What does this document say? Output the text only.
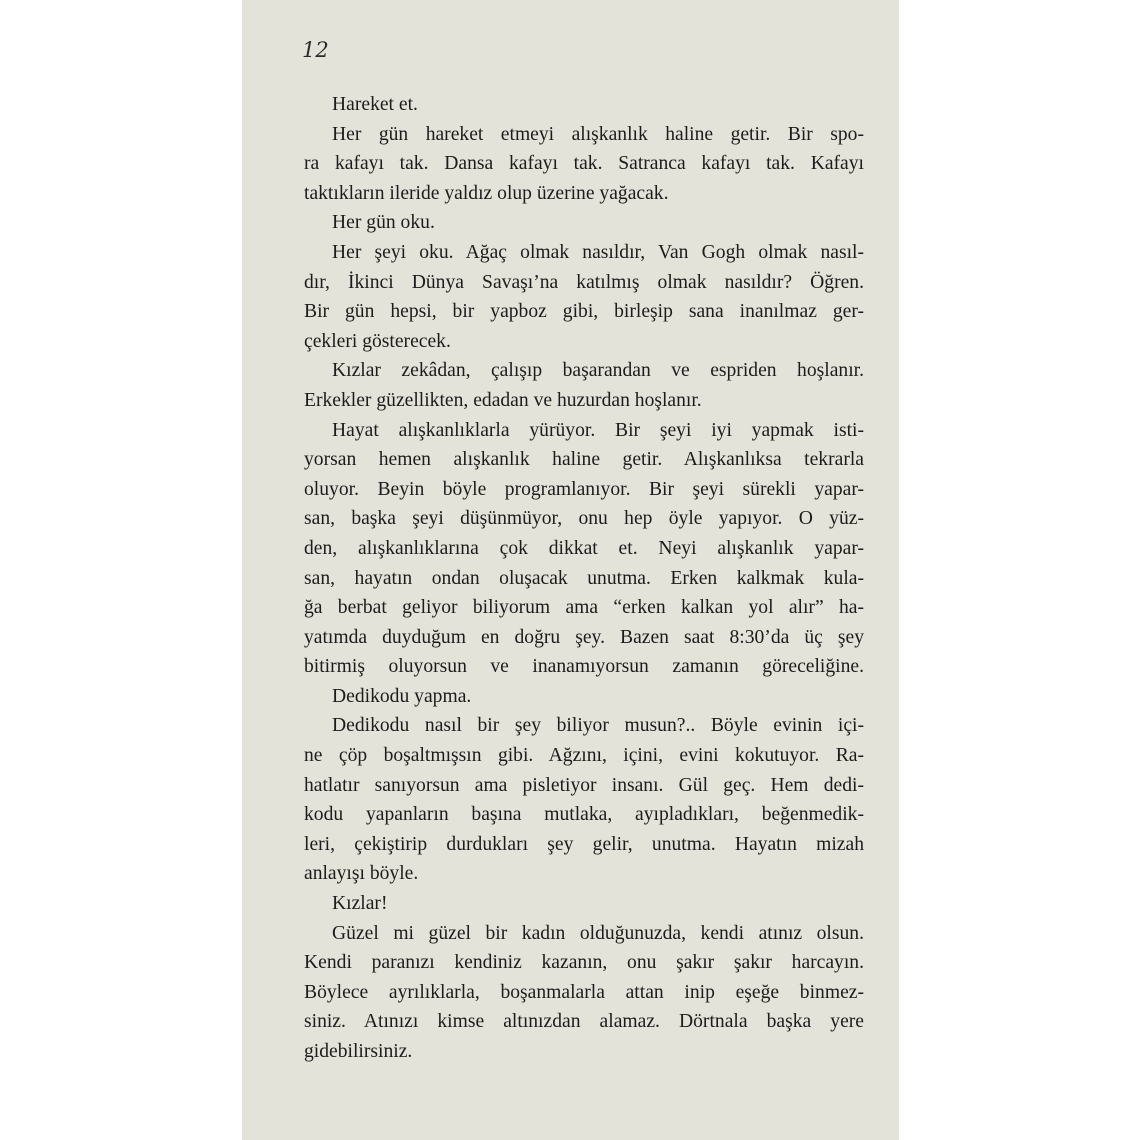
12
Hareket et.
Her gün hareket etmeyi alışkanlık haline getir. Bir spo-
ra kafayı tak. Dansa kafayı tak. Satranca kafayı tak. Kafayı
taktıkların ileride yaldız olup üzerine yağacak.
Her gün oku.
Her şeyi oku. Ağaç olmak nasıldır, Van Gogh olmak nasıl-
dır, İkinci Dünya Savaşı’na katılmış olmak nasıldır? Öğren.
Bir gün hepsi, bir yapboz gibi, birleşip sana inanılmaz ger-
çekleri gösterecek.
Kızlar zekâdan, çalışıp başarandan ve espriden hoşlanır.
Erkekler güzellikten, edadan ve huzurdan hoşlanır.
Hayat alışkanlıklarla yürüyor. Bir şeyi iyi yapmak isti-
yorsan hemen alışkanlık haline getir. Alışkanlıksa tekrarla
oluyor. Beyin böyle programlanıyor. Bir şeyi sürekli yapar-
san, başka şeyi düşünmüyor, onu hep öyle yapıyor. O yüz-
den, alışkanlıklarına çok dikkat et. Neyi alışkanlık yapar-
san, hayatın ondan oluşacak unutma. Erken kalkmak kula-
ğa berbat geliyor biliyorum ama “erken kalkan yol alır” ha-
yatımda duyduğum en doğru şey. Bazen saat 8:30’da üç şey
bitirmiş oluyorsun ve inanamıyorsun zamanın göreceliğine.
Dedikodu yapma.
Dedikodu nasıl bir şey biliyor musun?.. Böyle evinin içi-
ne çöp boşaltmışsın gibi. Ağzını, içini, evini kokutuyor. Ra-
hatlatır sanıyorsun ama pisletiyor insanı. Gül geç. Hem dedi-
kodu yapanların başına mutlaka, ayıpladıkları, beğenmedik-
leri, çekiştirip durdukları şey gelir, unutma. Hayatın mizah
anlayışı böyle.
Kızlar!
Güzel mi güzel bir kadın olduğunuzda, kendi atınız olsun.
Kendi paranızı kendiniz kazanın, onu şakır şakır harcayın.
Böylece ayrılıklarla, boşanmalarla attan inip eşeğe binmez-
siniz. Atınızı kimse altınızdan alamaz. Dörtnala başka yere
gidebilirsiniz.
